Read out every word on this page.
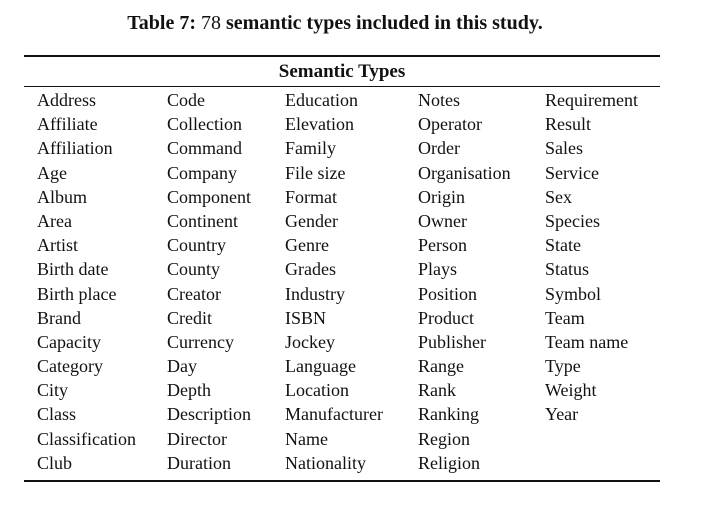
Table 7: 78 semantic types included in this study.
Semantic Types
Address
Affiliate
Affiliation
Age
Album
Area
Artist
Birth date
Birth place
Brand
Capacity
Category
City
Class
Classification
Club
Code
Collection
Command
Company
Component
Continent
Country
County
Creator
Credit
Currency
Day
Depth
Description
Director
Duration
Education
Elevation
Family
File size
Format
Gender
Genre
Grades
Industry
ISBN
Jockey
Language
Location
Manufacturer
Name
Nationality
Notes
Operator
Order
Organisation
Origin
Owner
Person
Plays
Position
Product
Publisher
Range
Rank
Ranking
Region
Religion
Requirement
Result
Sales
Service
Sex
Species
State
Status
Symbol
Team
Team name
Type
Weight
Year
